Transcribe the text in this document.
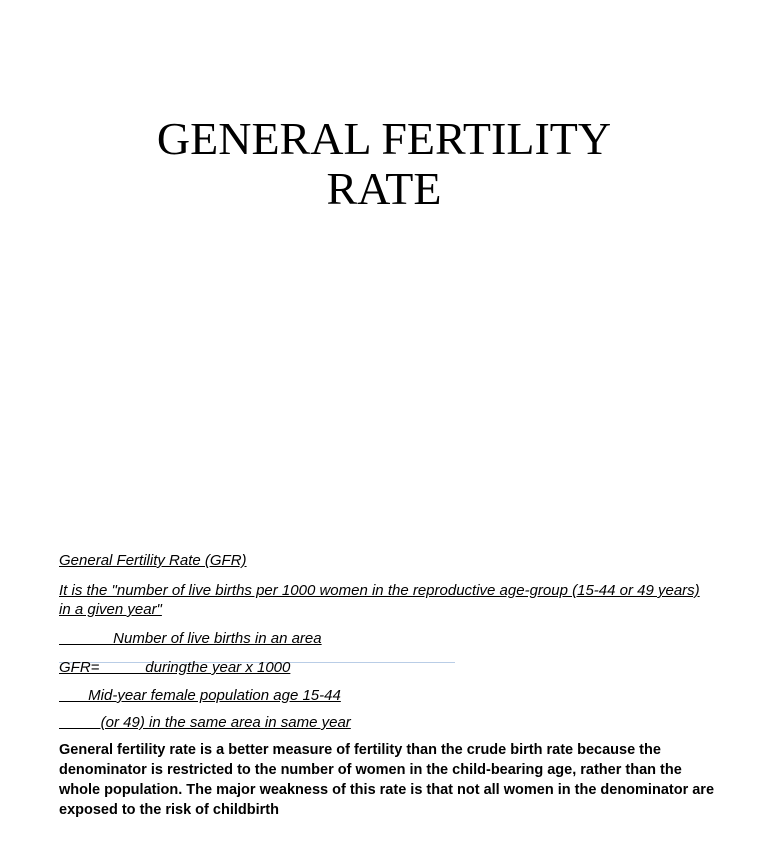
GENERAL FERTILITY
RATE
General Fertility Rate (GFR)
It is the "number of live births per 1000 women in the reproductive age-group (15-44 or 49 years) in a given year"
Number of live births in an area
GFR=           duringthe year x 1000
Mid-year female population age 15-44
(or 49) in the same area in same year
General fertility rate is a better measure of fertility than the crude birth rate because the denominator is restricted to the number of women in the child-bearing age, rather than the whole population. The major weakness of this rate is that not all women in the denominator are exposed to the risk of childbirth
